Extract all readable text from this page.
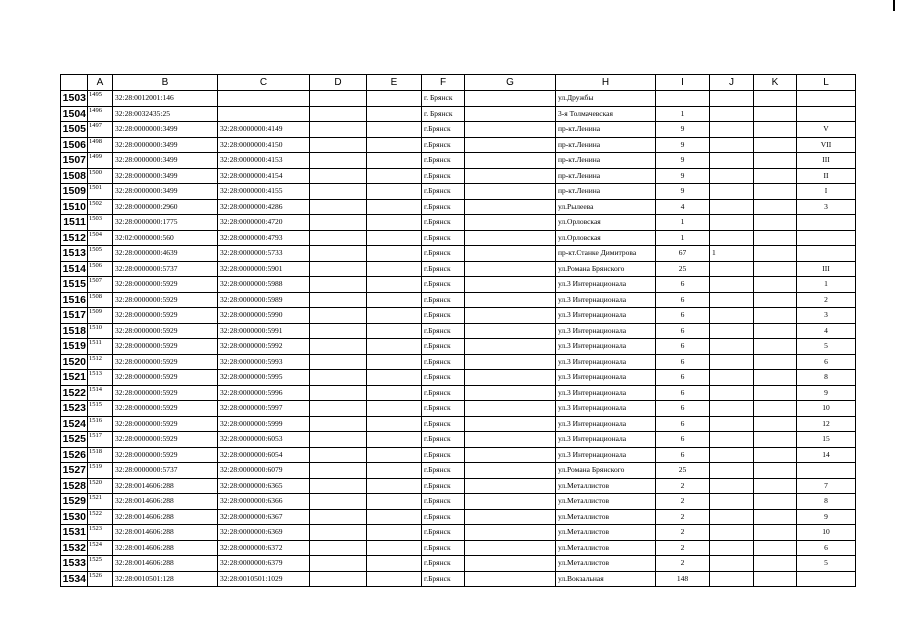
	A	B	C	D	E	F	G	H	I	J	K	L
1503	1495	32:28:0012001:146				г. Брянск		ул.Дружбы				
1504	1496	32:28:0032435:25				г. Брянск		3-я Толмачевская	1			
1505	1497	32:28:0000000:3499	32:28:0000000:4149			г.Брянск		пр-кт.Ленина	9			V
1506	1498	32:28:0000000:3499	32:28:0000000:4150			г.Брянск		пр-кт.Ленина	9			VII
1507	1499	32:28:0000000:3499	32:28:0000000:4153			г.Брянск		пр-кт.Ленина	9			III
1508	1500	32:28:0000000:3499	32:28:0000000:4154			г.Брянск		пр-кт.Ленина	9			II
1509	1501	32:28:0000000:3499	32:28:0000000:4155			г.Брянск		пр-кт.Ленина	9			I
1510	1502	32:28:0000000:2960	32:28:0000000:4286			г.Брянск		ул.Рылеева	4			3
1511	1503	32:28:0000000:1775	32:28:0000000:4720			г.Брянск		ул.Орловская	1			
1512	1504	32:02:0000000:560	32:28:0000000:4793			г.Брянск		ул.Орловская	1			
1513	1505	32:28:0000000:4639	32:28:0000000:5733			г.Брянск		пр-кт.Станке Димитрова	67	1		
1514	1506	32:28:0000000:5737	32:28:0000000:5901			г.Брянск		ул.Романа Брянского	25			III
1515	1507	32:28:0000000:5929	32:28:0000000:5988			г.Брянск		ул.3 Интернационала	6			1
1516	1508	32:28:0000000:5929	32:28:0000000:5989			г.Брянск		ул.3 Интернационала	6			2
1517	1509	32:28:0000000:5929	32:28:0000000:5990			г.Брянск		ул.3 Интернационала	6			3
1518	1510	32:28:0000000:5929	32:28:0000000:5991			г.Брянск		ул.3 Интернационала	6			4
1519	1511	32:28:0000000:5929	32:28:0000000:5992			г.Брянск		ул.3 Интернационала	6			5
1520	1512	32:28:0000000:5929	32:28:0000000:5993			г.Брянск		ул.3 Интернационала	6			6
1521	1513	32:28:0000000:5929	32:28:0000000:5995			г.Брянск		ул.3 Интернационала	6			8
1522	1514	32:28:0000000:5929	32:28:0000000:5996			г.Брянск		ул.3 Интернационала	6			9
1523	1515	32:28:0000000:5929	32:28:0000000:5997			г.Брянск		ул.3 Интернационала	6			10
1524	1516	32:28:0000000:5929	32:28:0000000:5999			г.Брянск		ул.3 Интернационала	6			12
1525	1517	32:28:0000000:5929	32:28:0000000:6053			г.Брянск		ул.3 Интернационала	6			15
1526	1518	32:28:0000000:5929	32:28:0000000:6054			г.Брянск		ул.3 Интернационала	6			14
1527	1519	32:28:0000000:5737	32:28:0000000:6079			г.Брянск		ул.Романа Брянского	25			
1528	1520	32:28:0014606:288	32:28:0000000:6365			г.Брянск		ул.Металлистов	2			7
1529	1521	32:28:0014606:288	32:28:0000000:6366			г.Брянск		ул.Металлистов	2			8
1530	1522	32:28:0014606:288	32:28:0000000:6367			г.Брянск		ул.Металлистов	2			9
1531	1523	32:28:0014606:288	32:28:0000000:6369			г.Брянск		ул.Металлистов	2			10
1532	1524	32:28:0014606:288	32:28:0000000:6372			г.Брянск		ул.Металлистов	2			6
1533	1525	32:28:0014606:288	32:28:0000000:6379			г.Брянск		ул.Металлистов	2			5
1534	1526	32:28:0010501:128	32:28:0010501:1029			г.Брянск		ул.Вокзальная	148			
